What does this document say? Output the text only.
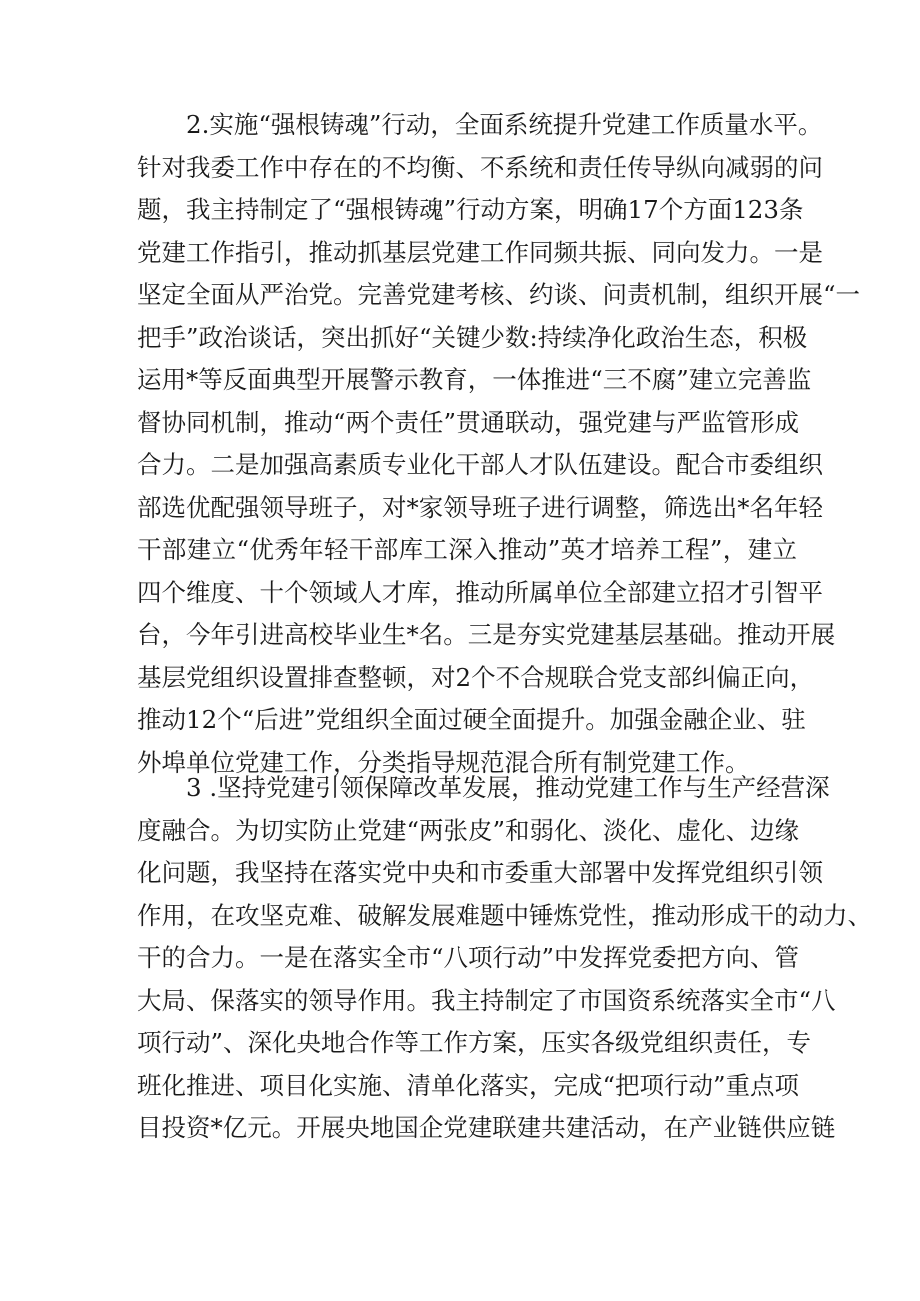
2.实施“强根铸魂”行动，全面系统提升党建工作质量水平。
针对我委工作中存在的不均衡、不系统和责任传导纵向减弱的问
题，我主持制定了“强根铸魂”行动方案，明确17个方面123条
党建工作指引，推动抓基层党建工作同频共振、同向发力。一是
坚定全面从严治党。完善党建考核、约谈、问责机制，组织开展“一
把手”政治谈话，突出抓好“关键少数:持续净化政治生态，积极
运用*等反面典型开展警示教育，一体推进“三不腐”建立完善监
督协同机制，推动“两个责任”贯通联动，强党建与严监管形成
合力。二是加强高素质专业化干部人才队伍建设。配合市委组织
部选优配强领导班子，对*家领导班子进行调整，筛选出*名年轻
干部建立“优秀年轻干部库工深入推动”英才培养工程”，建立
四个维度、十个领域人才库，推动所属单位全部建立招才引智平
台，今年引进高校毕业生*名。三是夯实党建基层基础。推动开展
基层党组织设置排查整顿，对2个不合规联合党支部纠偏正向，
推动12个“后进”党组织全面过硬全面提升。加强金融企业、驻
外埠单位党建工作，分类指导规范混合所有制党建工作。

3 .坚持党建引领保障改革发展，推动党建工作与生产经营深
度融合。为切实防止党建“两张皮”和弱化、淡化、虚化、边缘
化问题，我坚持在落实党中央和市委重大部署中发挥党组织引领
作用，在攻坚克难、破解发展难题中锤炼党性，推动形成干的动力、
干的合力。一是在落实全市“八项行动”中发挥党委把方向、管
大局、保落实的领导作用。我主持制定了市国资系统落实全市“八
项行动”、深化央地合作等工作方案，压实各级党组织责任，专
班化推进、项目化实施、清单化落实，完成“把项行动”重点项
目投资*亿元。开展央地国企党建联建共建活动，在产业链供应链
